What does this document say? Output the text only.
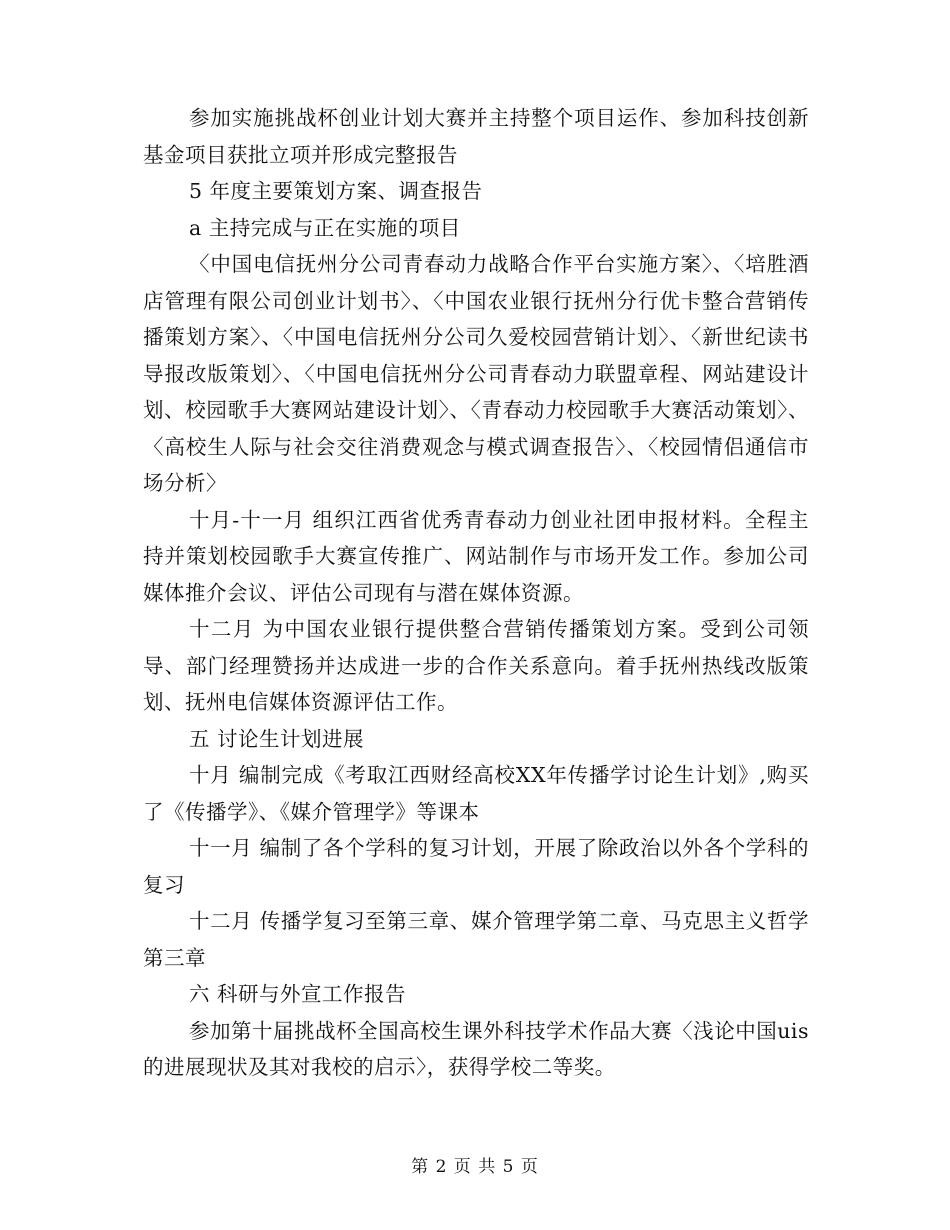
参加实施挑战杯创业计划大赛并主持整个项目运作、参加科技创新基金项目获批立项并形成完整报告

5 年度主要策划方案、调查报告

a 主持完成与正在实施的项目

〈中国电信抚州分公司青春动力战略合作平台实施方案〉、〈培胜酒店管理有限公司创业计划书〉、〈中国农业银行抚州分行优卡整合营销传播策划方案〉、〈中国电信抚州分公司久爱校园营销计划〉、〈新世纪读书导报改版策划〉、〈中国电信抚州分公司青春动力联盟章程、网站建设计划、校园歌手大赛网站建设计划〉、〈青春动力校园歌手大赛活动策划〉、〈高校生人际与社会交往消费观念与模式调查报告〉、〈校园情侣通信市场分析〉

十月-十一月 组织江西省优秀青春动力创业社团申报材料。全程主持并策划校园歌手大赛宣传推广、网站制作与市场开发工作。参加公司媒体推介会议、评估公司现有与潜在媒体资源。

十二月 为中国农业银行提供整合营销传播策划方案。受到公司领导、部门经理赞扬并达成进一步的合作关系意向。着手抚州热线改版策划、抚州电信媒体资源评估工作。

五 讨论生计划进展

十月 编制完成《考取江西财经高校XX年传播学讨论生计划》,购买了《传播学》、《媒介管理学》等课本

十一月 编制了各个学科的复习计划，开展了除政治以外各个学科的复习

十二月 传播学复习至第三章、媒介管理学第二章、马克思主义哲学第三章

六 科研与外宣工作报告

参加第十届挑战杯全国高校生课外科技学术作品大赛〈浅论中国uis的进展现状及其对我校的启示〉，获得学校二等奖。

第 2 页 共 5 页
